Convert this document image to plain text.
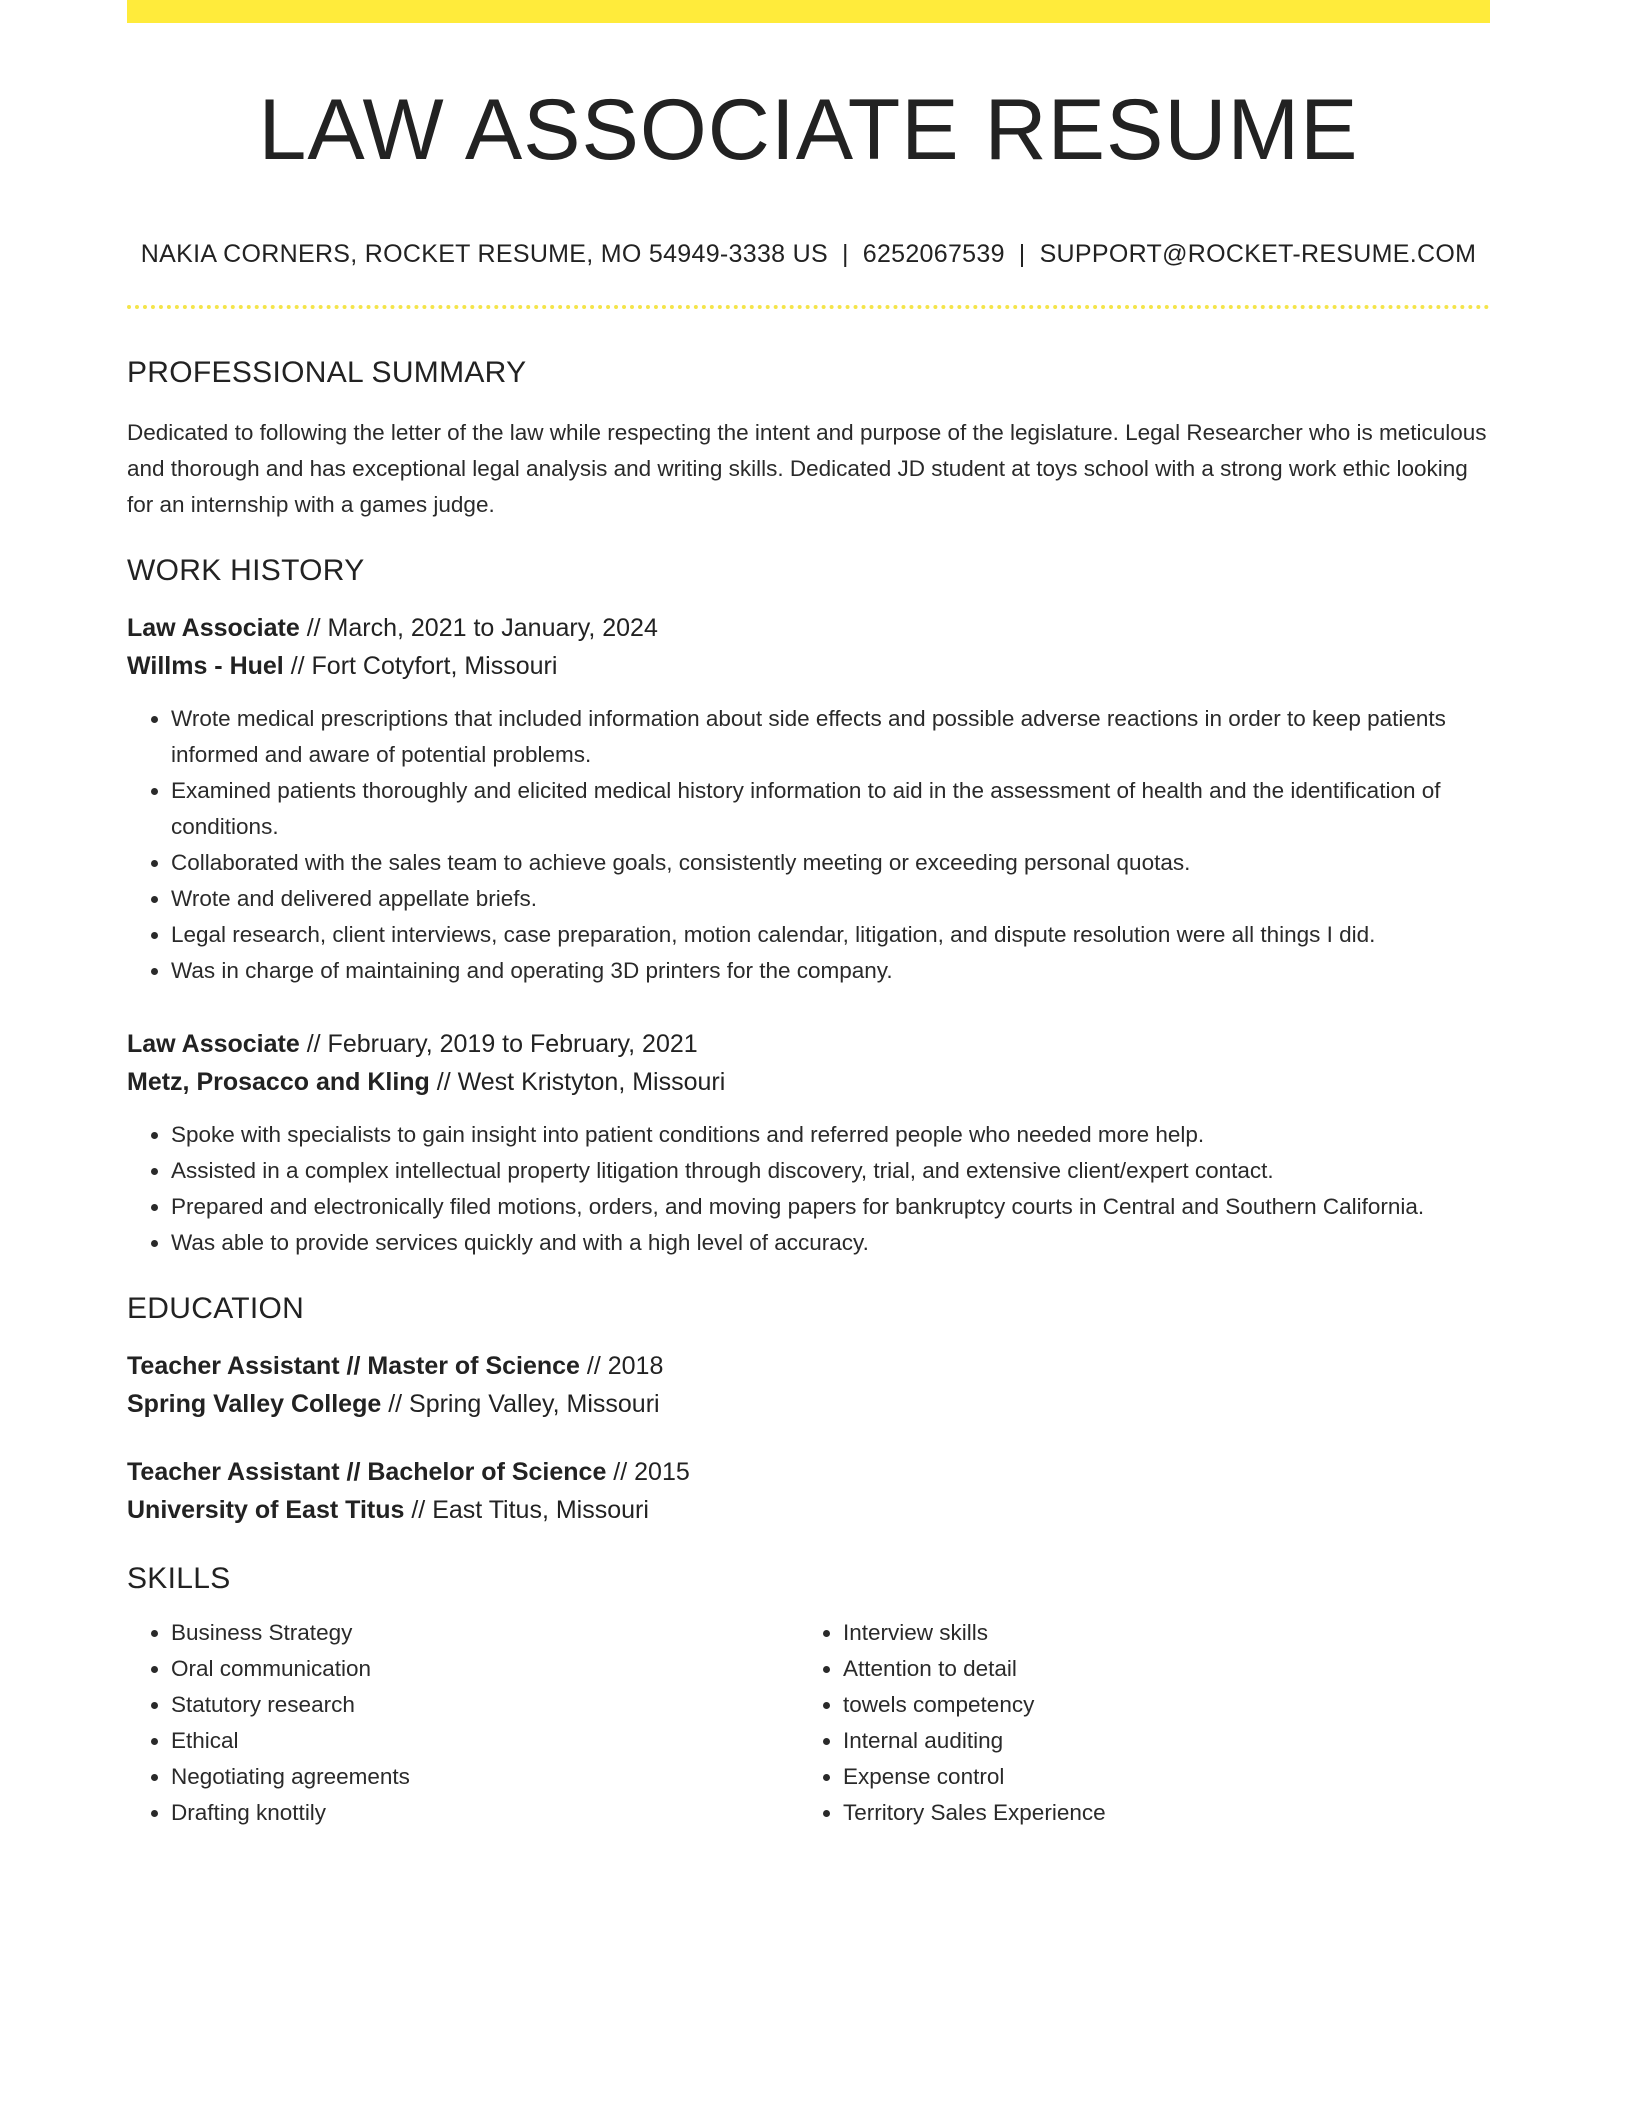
LAW ASSOCIATE RESUME
NAKIA CORNERS, ROCKET RESUME, MO 54949-3338 US | 6252067539 | SUPPORT@ROCKET-RESUME.COM
PROFESSIONAL SUMMARY
Dedicated to following the letter of the law while respecting the intent and purpose of the legislature. Legal Researcher who is meticulous and thorough and has exceptional legal analysis and writing skills. Dedicated JD student at toys school with a strong work ethic looking for an internship with a games judge.
WORK HISTORY
Law Associate // March, 2021 to January, 2024
Willms - Huel // Fort Cotyfort, Missouri
• Wrote medical prescriptions that included information about side effects and possible adverse reactions in order to keep patients informed and aware of potential problems.
• Examined patients thoroughly and elicited medical history information to aid in the assessment of health and the identification of conditions.
• Collaborated with the sales team to achieve goals, consistently meeting or exceeding personal quotas.
• Wrote and delivered appellate briefs.
• Legal research, client interviews, case preparation, motion calendar, litigation, and dispute resolution were all things I did.
• Was in charge of maintaining and operating 3D printers for the company.
Law Associate // February, 2019 to February, 2021
Metz, Prosacco and Kling // West Kristyton, Missouri
• Spoke with specialists to gain insight into patient conditions and referred people who needed more help.
• Assisted in a complex intellectual property litigation through discovery, trial, and extensive client/expert contact.
• Prepared and electronically filed motions, orders, and moving papers for bankruptcy courts in Central and Southern California.
• Was able to provide services quickly and with a high level of accuracy.
EDUCATION
Teacher Assistant // Master of Science // 2018
Spring Valley College // Spring Valley, Missouri
Teacher Assistant // Bachelor of Science // 2015
University of East Titus // East Titus, Missouri
SKILLS
• Business Strategy
• Oral communication
• Statutory research
• Ethical
• Negotiating agreements
• Drafting knottily
• Interview skills
• Attention to detail
• towels competency
• Internal auditing
• Expense control
• Territory Sales Experience
